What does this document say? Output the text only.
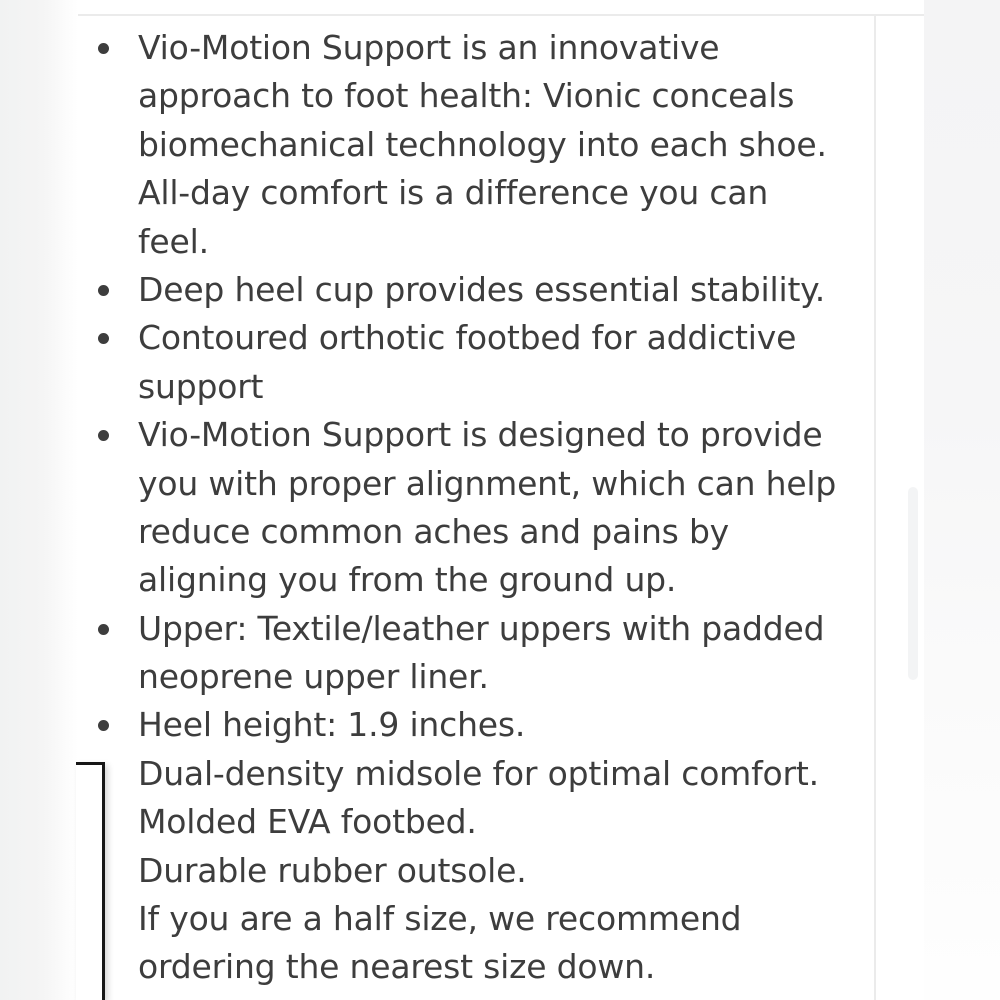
Vio-Motion Support is an innovative
approach to foot health: Vionic conceals
biomechanical technology into each shoe.
All-day comfort is a difference you can
feel.
Deep heel cup provides essential stability.
Contoured orthotic footbed for addictive
support
Vio-Motion Support is designed to provide
you with proper alignment, which can help
reduce common aches and pains by
aligning you from the ground up.
Upper: Textile/leather uppers with padded
neoprene upper liner.
Heel height: 1.9 inches.
Dual-density midsole for optimal comfort.
Molded EVA footbed.
Durable rubber outsole.
If you are a half size, we recommend
ordering the nearest size down.
